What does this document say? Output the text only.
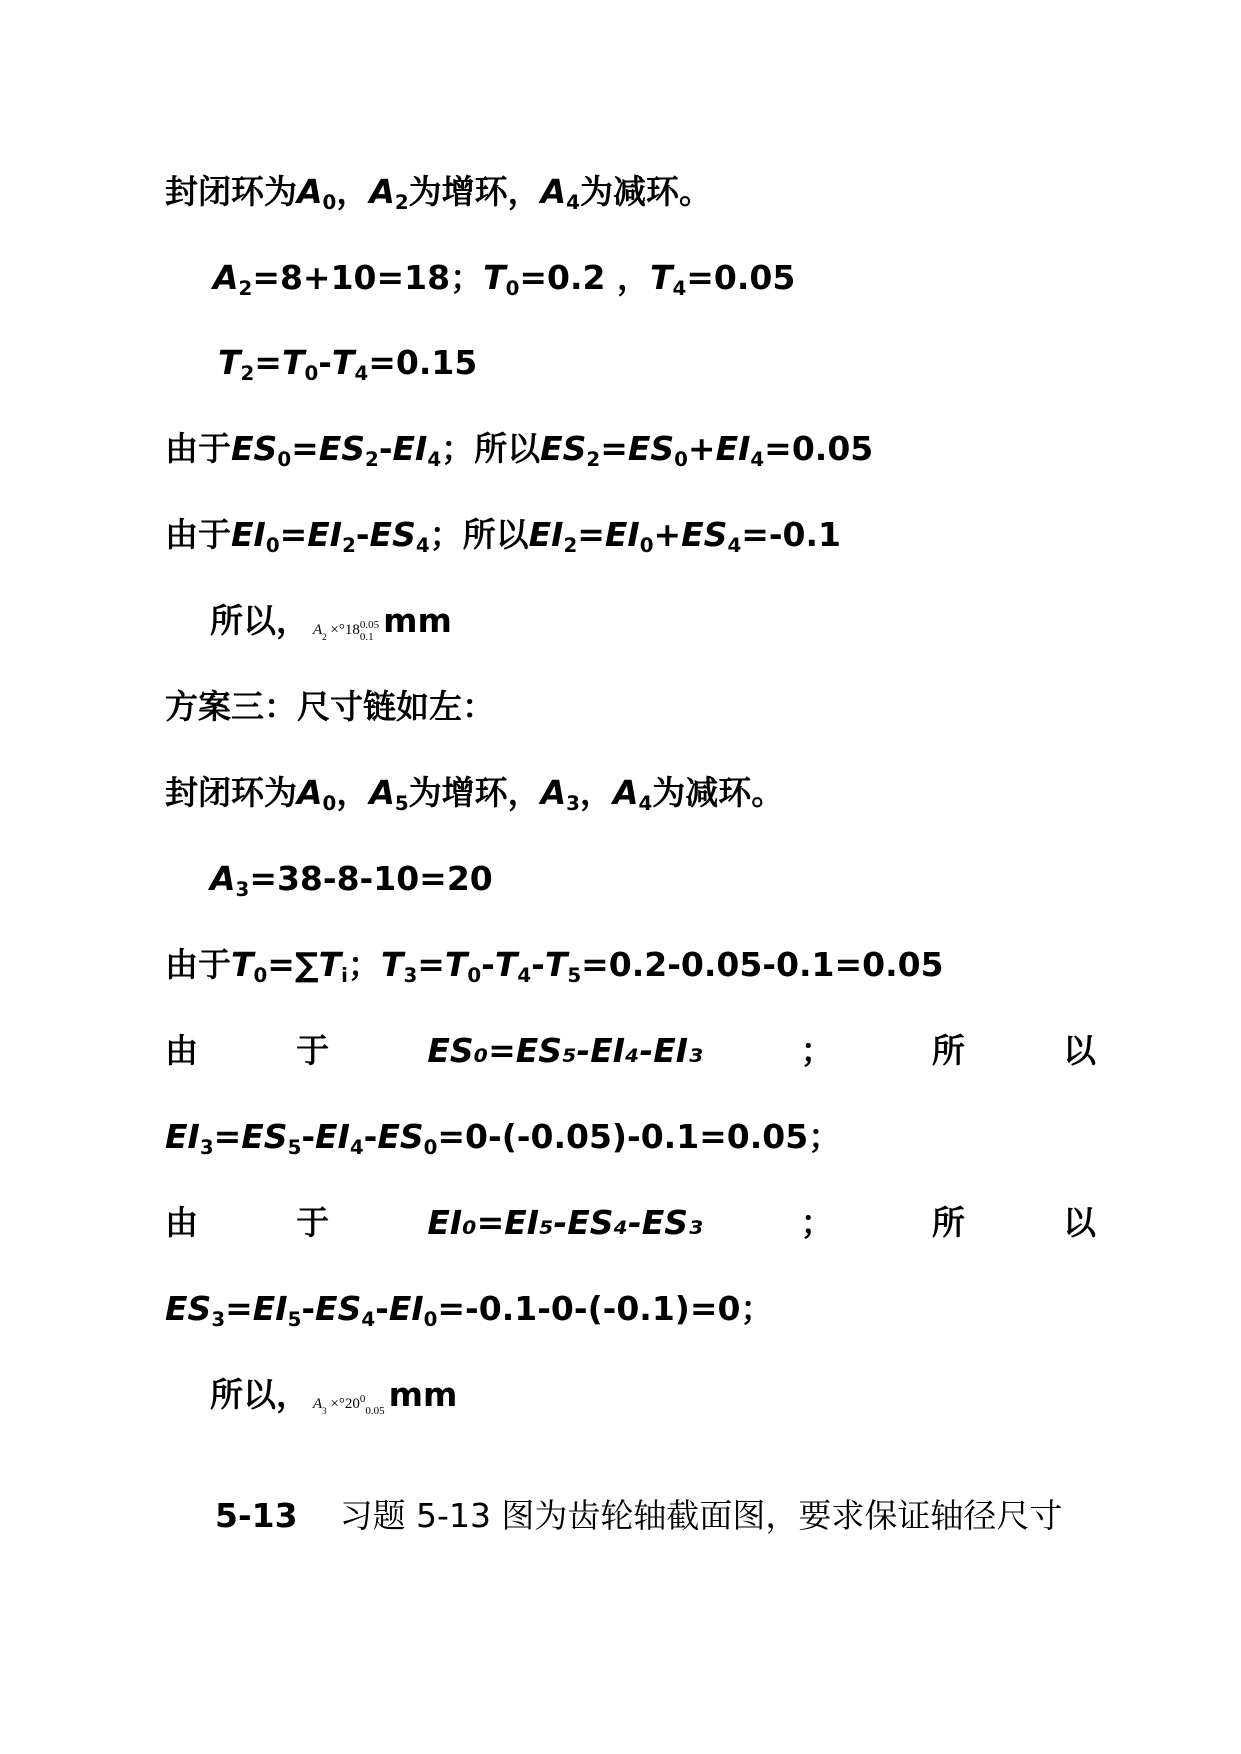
封闭环为$A_0$，$A_2$为增环，$A_4$为减环。
$A_2=8+10=18$；$T_0=0.2$ ，$T_4=0.05$
$T_2=T_0-T_4=0.15$
由于$ES_0=ES_2-EI_4$；所以$ES_2=ES_0+EI_4=0.05$
由于$EI_0=EI_2-ES_4$；所以$EI_2=EI_0+ES_4=-0.1$
所以， $A_2 \times^\circ 18$ 0.05
0.1 mm
方案三：尺寸链如左：
封闭环为$A_0$，$A_5$为增环，$A_3$，$A_4$为减环。
$A_3=38-8-10=20$
由于$T_0=\sum T_i$；$T_3=T_0-T_4-T_5=0.2-0.05-0.1=0.05$
由	于	ES₀=ES₅-EI₄-EI₃	；	所	以
$EI_3=ES_5-EI_4-ES_0=0-(-0.05)-0.1=0.05$；
由	于	EI₀=EI₅-ES₄-ES₃	；	所	以
$ES_3=EI_5-ES_4-EI_0=-0.1-0-(-0.1)=0$；
所以， $A_3 \times^\circ 20^0_{0.05}$ mm
5-13 习题 5-13 图为齿轮轴截面图，要求保证轴径尺寸
